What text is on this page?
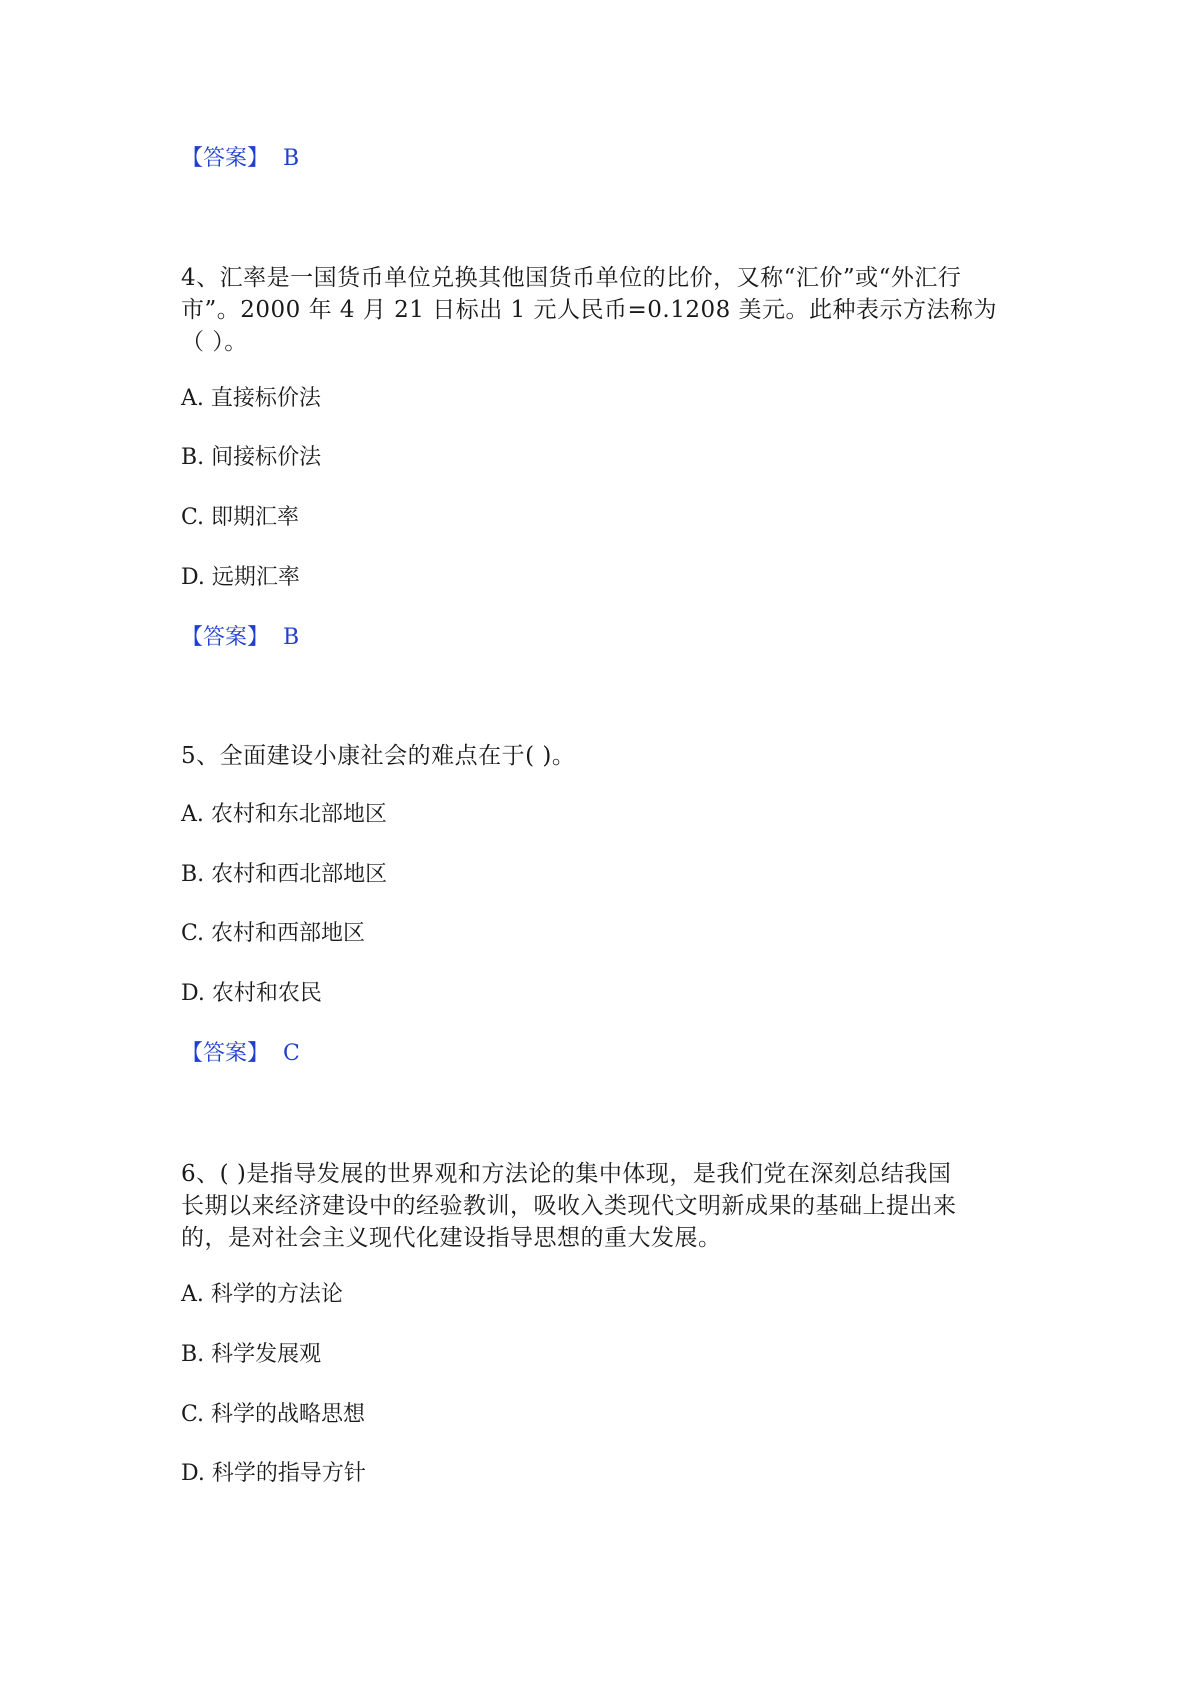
【答案】 B
4、汇率是一国货币单位兑换其他国货币单位的比价，又称“汇价”或“外汇行
市”。2000 年 4 月 21 日标出 1 元人民币=0.1208 美元。此种表示方法称为
（ ）。
A. 直接标价法
B. 间接标价法
C. 即期汇率
D. 远期汇率
【答案】 B
5、全面建设小康社会的难点在于( )。
A. 农村和东北部地区
B. 农村和西北部地区
C. 农村和西部地区
D. 农村和农民
【答案】 C
6、( )是指导发展的世界观和方法论的集中体现，是我们党在深刻总结我国
长期以来经济建设中的经验教训，吸收入类现代文明新成果的基础上提出来
的，是对社会主义现代化建设指导思想的重大发展。
A. 科学的方法论
B. 科学发展观
C. 科学的战略思想
D. 科学的指导方针
